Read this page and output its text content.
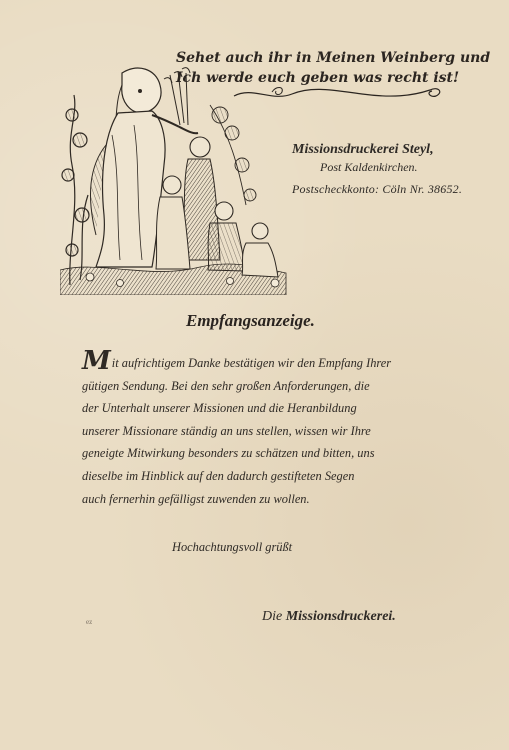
Sehet auch ihr in Meinen Weinberg und
Ich werde euch geben was recht ist!
Missionsdruckerei Steyl,
Post Kaldenkirchen.
Postscheckkonto: Cöln Nr. 38652.
Empfangsanzeige.
Mit aufrichtigem Danke bestätigen wir den Empfang Ihrer
gütigen Sendung. Bei den sehr großen Anforderungen, die
der Unterhalt unserer Missionen und die Heranbildung
unserer Missionare ständig an uns stellen, wissen wir Ihre
geneigte Mitwirkung besonders zu schätzen und bitten, uns
dieselbe im Hinblick auf den dadurch gestifteten Segen
auch fernerhin gefälligst zuwenden zu wollen.
Hochachtungsvoll grüßt
Die Missionsdruckerei.
ez
